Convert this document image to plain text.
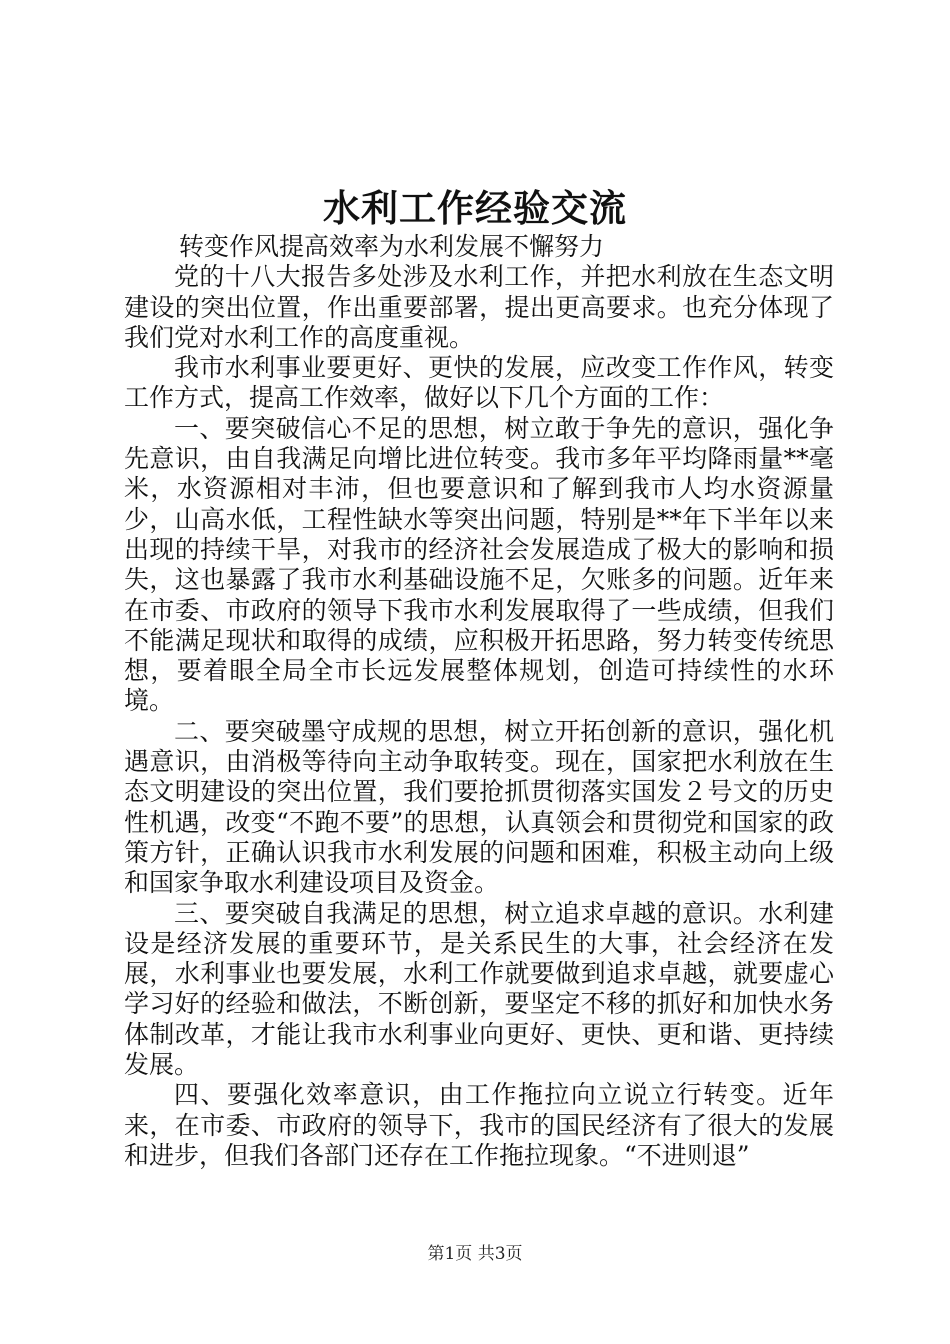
水利工作经验交流

转变作风提高效率为水利发展不懈努力

党的十八大报告多处涉及水利工作，并把水利放在生态文明建设的突出位置，作出重要部署，提出更高要求。也充分体现了我们党对水利工作的高度重视。

我市水利事业要更好、更快的发展，应改变工作作风，转变工作方式，提高工作效率，做好以下几个方面的工作：

一、要突破信心不足的思想，树立敢于争先的意识，强化争先意识，由自我满足向增比进位转变。我市多年平均降雨量**毫米，水资源相对丰沛，但也要意识和了解到我市人均水资源量少，山高水低，工程性缺水等突出问题，特别是**年下半年以来出现的持续干旱，对我市的经济社会发展造成了极大的影响和损失，这也暴露了我市水利基础设施不足，欠账多的问题。近年来在市委、市政府的领导下我市水利发展取得了一些成绩，但我们不能满足现状和取得的成绩，应积极开拓思路，努力转变传统思想，要着眼全局全市长远发展整体规划，创造可持续性的水环境。

二、要突破墨守成规的思想，树立开拓创新的意识，强化机遇意识，由消极等待向主动争取转变。现在，国家把水利放在生态文明建设的突出位置，我们要抢抓贯彻落实国发２号文的历史性机遇，改变“不跑不要”的思想，认真领会和贯彻党和国家的政策方针，正确认识我市水利发展的问题和困难，积极主动向上级和国家争取水利建设项目及资金。

三、要突破自我满足的思想，树立追求卓越的意识。水利建设是经济发展的重要环节，是关系民生的大事，社会经济在发展，水利事业也要发展，水利工作就要做到追求卓越，就要虚心学习好的经验和做法，不断创新，要坚定不移的抓好和加快水务体制改革，才能让我市水利事业向更好、更快、更和谐、更持续发展。

四、要强化效率意识，由工作拖拉向立说立行转变。近年来，在市委、市政府的领导下，我市的国民经济有了很大的发展和进步，但我们各部门还存在工作拖拉现象。“不进则退”

第1页 共3页
